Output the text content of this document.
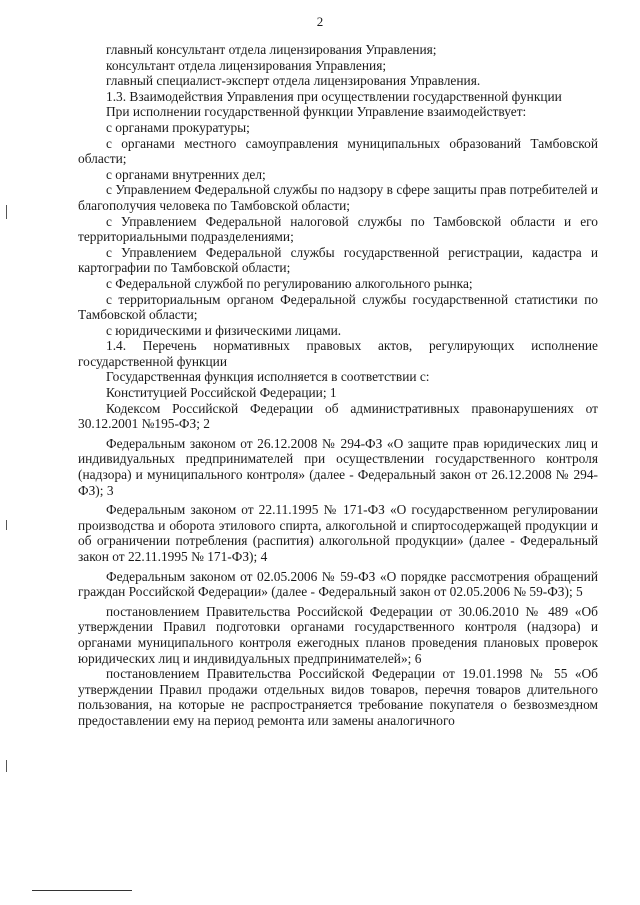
2

главный консультант отдела лицензирования Управления;

консультант отдела лицензирования Управления;

главный специалист-эксперт отдела лицензирования Управления.

1.3. Взаимодействия Управления при осуществлении государственной функции

При исполнении государственной функции Управление взаимодействует:

с органами прокуратуры;

с органами местного самоуправления муниципальных образований Тамбовской области;

с органами внутренних дел;

с Управлением Федеральной службы по надзору в сфере защиты прав потребителей и благополучия человека по Тамбовской области;

с Управлением Федеральной налоговой службы по Тамбовской области и его территориальными подразделениями;

с Управлением Федеральной службы государственной регистрации, кадастра и картографии по Тамбовской области;

с Федеральной службой по регулированию алкогольного рынка;

с территориальным органом Федеральной службы государственной статистики по Тамбовской области;

с юридическими и физическими лицами.

1.4. Перечень нормативных правовых актов, регулирующих исполнение государственной функции

Государственная функция исполняется в соответствии с:

Конституцией Российской Федерации; 1

Кодексом Российской Федерации об административных правонарушениях от 30.12.2001 №195-ФЗ; 2

Федеральным законом от 26.12.2008 № 294-ФЗ «О защите прав юридических лиц и индивидуальных предпринимателей при осуществлении государственного контроля (надзора) и муниципального контроля» (далее - Федеральный закон от 26.12.2008 № 294-ФЗ); 3

Федеральным законом от 22.11.1995 № 171-ФЗ «О государственном регулировании производства и оборота этилового спирта, алкогольной и спиртосодержащей продукции и об ограничении потребления (распития) алкогольной продукции» (далее - Федеральный закон от 22.11.1995 № 171-ФЗ); 4

Федеральным законом от 02.05.2006 № 59-ФЗ «О порядке рассмотрения обращений граждан Российской Федерации» (далее - Федеральный закон от 02.05.2006 № 59-ФЗ); 5

постановлением Правительства Российской Федерации от 30.06.2010 № 489 «Об утверждении Правил подготовки органами государственного контроля (надзора) и органами муниципального контроля ежегодных планов проведения плановых проверок юридических лиц и индивидуальных предпринимателей»; 6

постановлением Правительства Российской Федерации от 19.01.1998 № 55 «Об утверждении Правил продажи отдельных видов товаров, перечня товаров длительного пользования, на которые не распространяется требование покупателя о безвозмездном предоставлении ему на период ремонта или замены аналогичного
